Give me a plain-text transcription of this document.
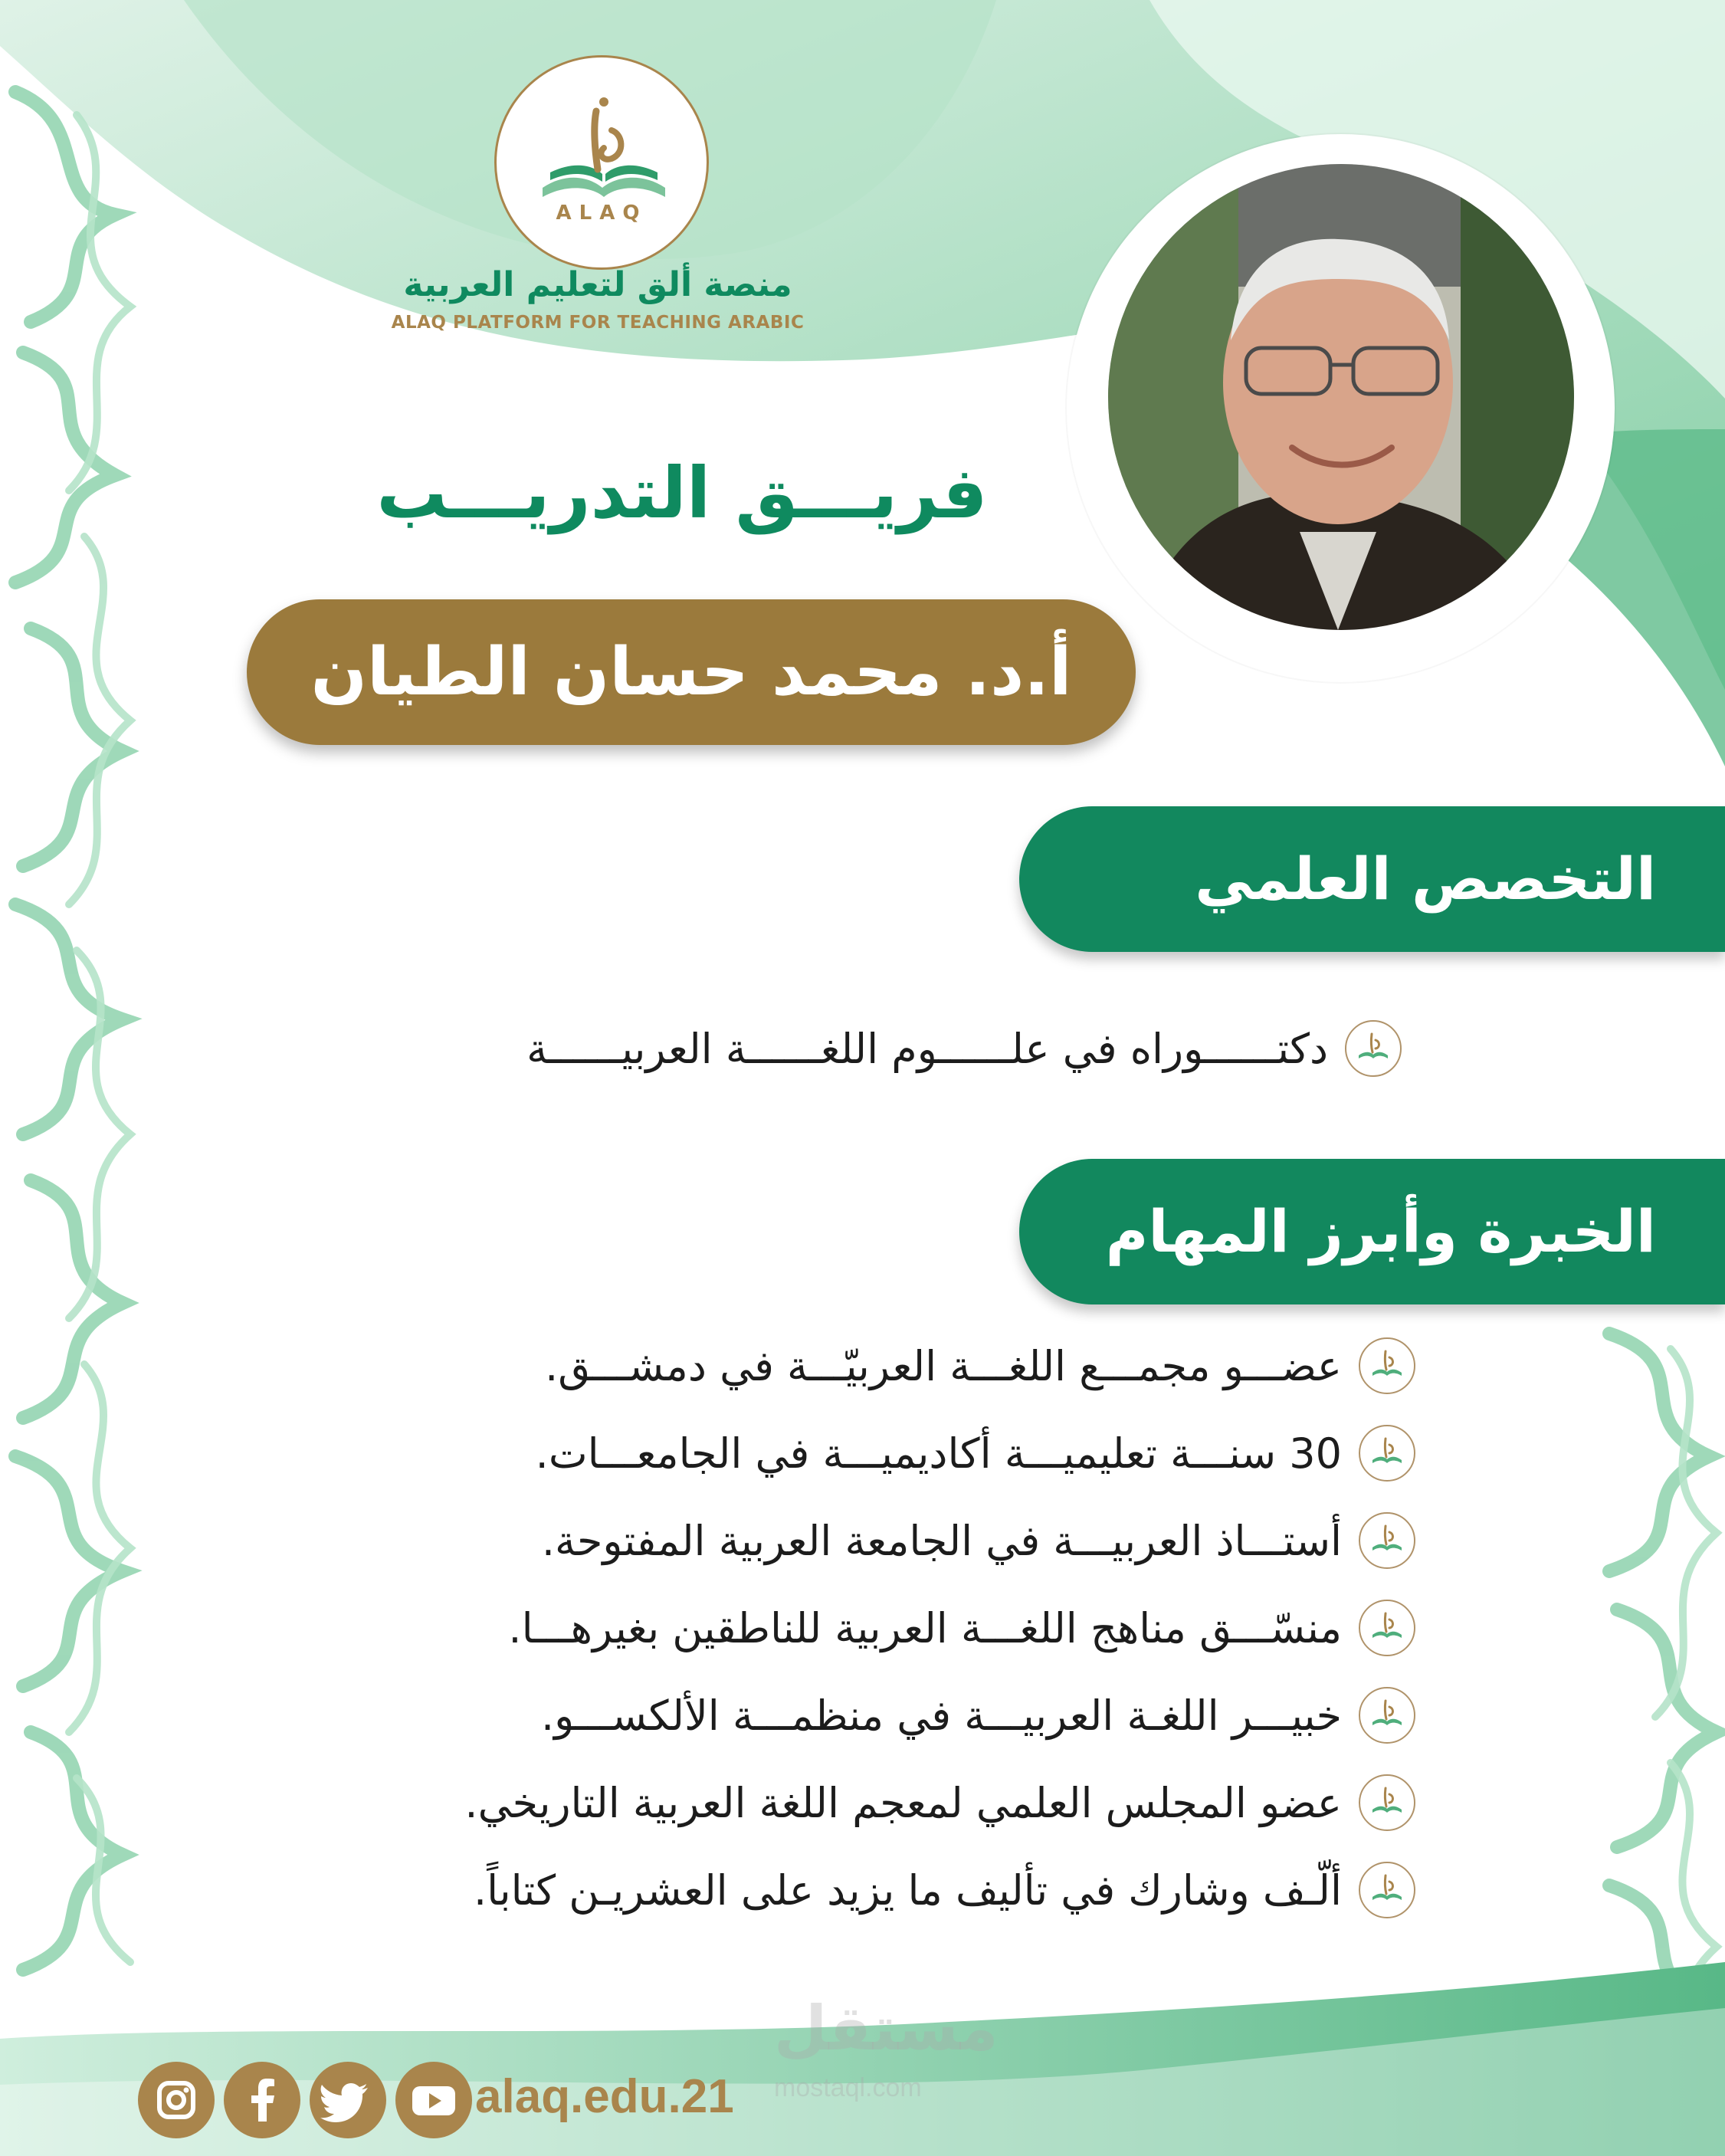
ALAQ
منصة ألق لتعليم العربية
ALAQ PLATFORM FOR TEACHING ARABIC
فريـــق التدريـــب
أ.د. محمد حسان الطيان
التخصص العلمي
دكتــــــوراه في علــــــوم اللغــــــة العربيــــــة
الخبرة وأبرز المهام
عضـــو مجمـــع اللغـــة العربيّـــة في دمشـــق.
30 سنـــة تعليميـــة أكاديميـــة في الجامعـــات.
أستـــاذ العربيـــة في الجامعة العربية المفتوحة.
منسّـــق مناهج اللغـــة العربية للناطقين بغيرهـــا.
خبيـــر اللغـة العربيـــة في منظمـــة الألكســـو.
عضو المجلس العلمي لمعجم اللغة العربية التاريخي.
ألّـف وشارك في تأليف ما يزيد على العشريـن كتاباً.
مستقل
mostaql.com
alaq.edu.21
